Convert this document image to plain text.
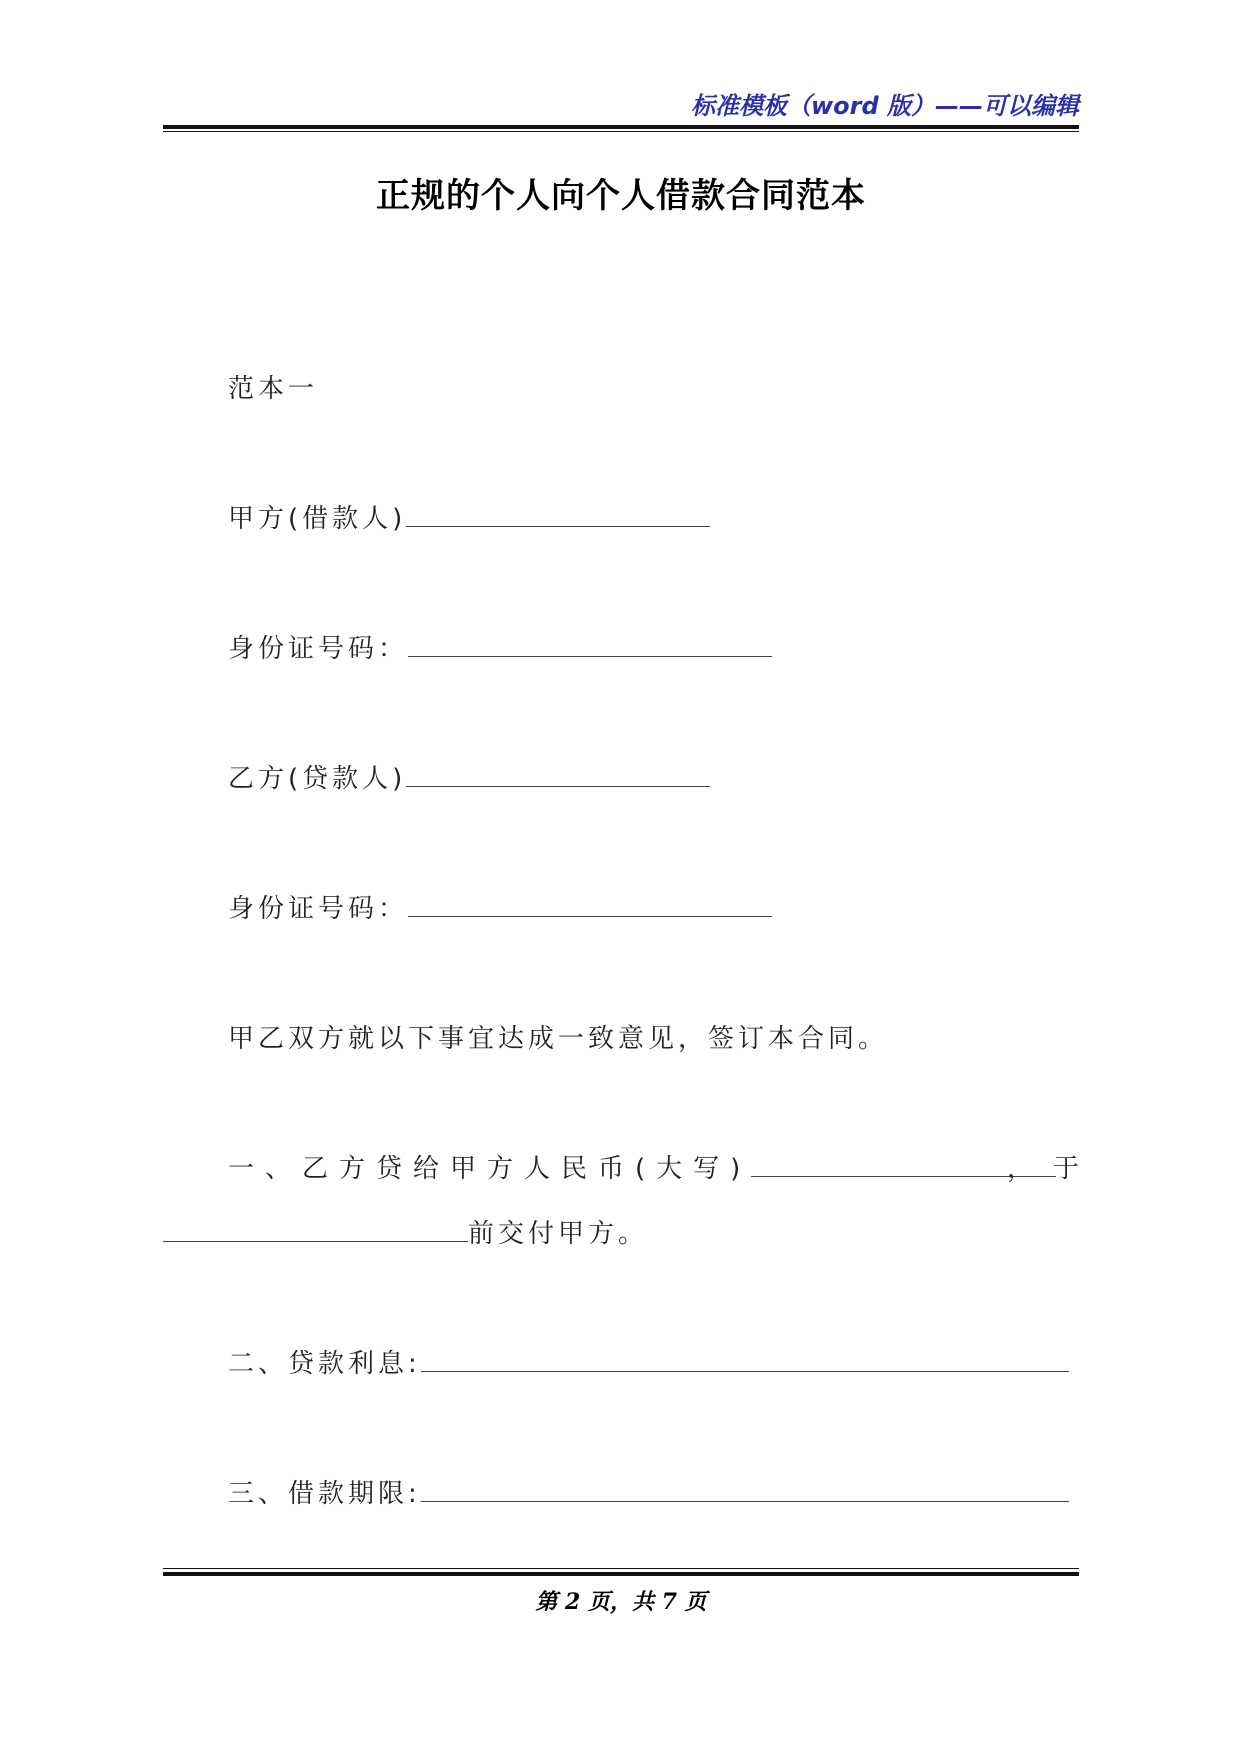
标准模板（word 版）——可以编辑
正规的个人向个人借款合同范本
范本一
甲方(借款人)
身份证号码：
乙方(贷款人)
身份证号码：
甲乙双方就以下事宜达成一致意见，签订本合同。
一、乙方贷给甲方人民币(大写)	，于
前交付甲方。
二、贷款利息:
三、借款期限:
第 2 页，共 7 页
